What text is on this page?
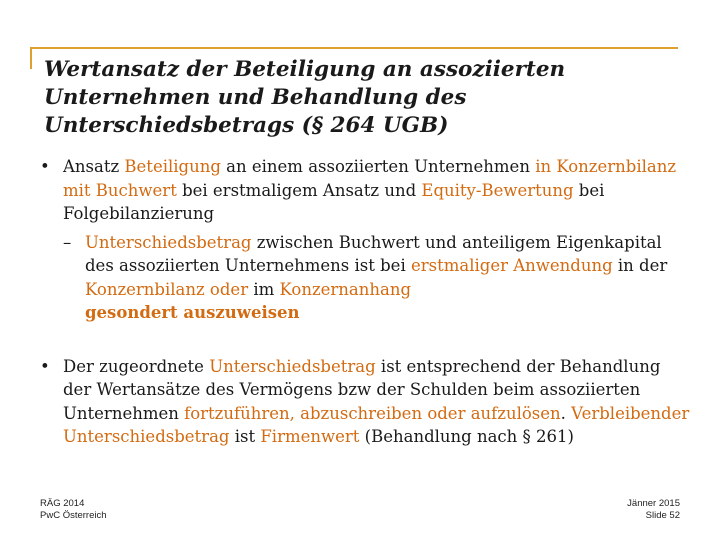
Wertansatz der Beteiligung an assoziierten
Unternehmen und Behandlung des
Unterschiedsbetrags (§ 264 UGB)
• Ansatz Beteiligung an einem assoziierten Unternehmen in Konzernbilanz mit Buchwert bei erstmaligem Ansatz und Equity-Bewertung bei Folgebilanzierung
– Unterschiedsbetrag zwischen Buchwert und anteiligem Eigenkapital des assoziierten Unternehmens ist bei erstmaliger Anwendung in der Konzernbilanz oder im Konzernanhang
gesondert auszuweisen
• Der zugeordnete Unterschiedsbetrag ist entsprechend der Behandlung der Wertansätze des Vermögens bzw der Schulden beim assoziierten Unternehmen fortzuführen, abzuschreiben oder aufzulösen. Verbleibender Unterschiedsbetrag ist Firmenwert (Behandlung nach § 261)
RÄG 2014
PwC Österreich
Jänner 2015
Slide 52
